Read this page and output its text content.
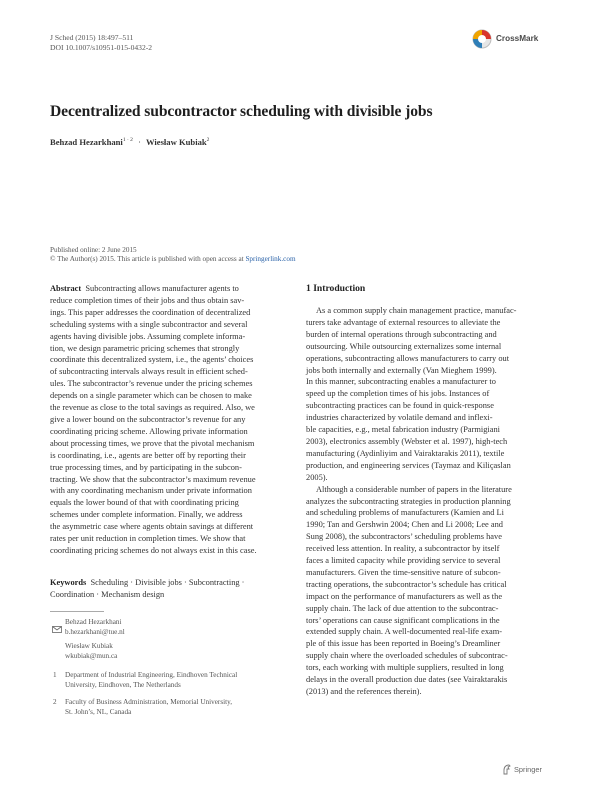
J Sched (2015) 18:497–511
DOI 10.1007/s10951-015-0432-2
CrossMark
Decentralized subcontractor scheduling with divisible jobs
Behzad Hezarkhani$^{1 \cdot 2}$ · Wiesław Kubiak$^2$
Published online: 2 June 2015
© The Author(s) 2015. This article is published with open access at Springerlink.com

Abstract Subcontracting allows manufacturer agents to

reduce completion times of their jobs and thus obtain sav-

ings. This paper addresses the coordination of decentralized

scheduling systems with a single subcontractor and several

agents having divisible jobs. Assuming complete informa-

tion, we design parametric pricing schemes that strongly

coordinate this decentralized system, i.e., the agents’ choices

of subcontracting intervals always result in efficient sched-

ules. The subcontractor’s revenue under the pricing schemes

depends on a single parameter which can be chosen to make

the revenue as close to the total savings as required. Also, we

give a lower bound on the subcontractor’s revenue for any

coordinating pricing scheme. Allowing private information

about processing times, we prove that the pivotal mechanism

is coordinating, i.e., agents are better off by reporting their

true processing times, and by participating in the subcon-

tracting. We show that the subcontractor’s maximum revenue

with any coordinating mechanism under private information

equals the lower bound of that with coordinating pricing

schemes under complete information. Finally, we address

the asymmetric case where agents obtain savings at different

rates per unit reduction in completion times. We show that

coordinating pricing schemes do not always exist in this case.

Keywords Scheduling · Divisible jobs · Subcontracting ·

Coordination · Mechanism design

Behzad Hezarkhani
b.hezarkhani@tue.nl
Wiesław Kubiak
wkubiak@mun.ca
1 Department of Industrial Engineering, Eindhoven Technical
University, Eindhoven, The Netherlands
2 Faculty of Business Administration, Memorial University,
St. John’s, NL, Canada
1 Introduction

As a common supply chain management practice, manufac-

turers take advantage of external resources to alleviate the

burden of internal operations through subcontracting and

outsourcing. While outsourcing externalizes some internal

operations, subcontracting allows manufacturers to carry out

jobs both internally and externally (Van Mieghem 1999).

In this manner, subcontracting enables a manufacturer to

speed up the completion times of his jobs. Instances of

subcontracting practices can be found in quick-response

industries characterized by volatile demand and inflexi-

ble capacities, e.g., metal fabrication industry (Parmigiani

2003), electronics assembly (Webster et al. 1997), high-tech

manufacturing (Aydinliyim and Vairaktarakis 2011), textile

production, and engineering services (Taymaz and Kiliçaslan

2005).

Although a considerable number of papers in the literature

analyzes the subcontracting strategies in production planning

and scheduling problems of manufacturers (Kamien and Li

1990; Tan and Gershwin 2004; Chen and Li 2008; Lee and

Sung 2008), the subcontractors’ scheduling problems have

received less attention. In reality, a subcontractor by itself

faces a limited capacity while providing service to several

manufacturers. Given the time-sensitive nature of subcon-

tracting operations, the subcontractor’s schedule has critical

impact on the performance of manufacturers as well as the

supply chain. The lack of due attention to the subcontrac-

tors’ operations can cause significant complications in the

extended supply chain. A well-documented real-life exam-

ple of this issue has been reported in Boeing’s Dreamliner

supply chain where the overloaded schedules of subcontrac-

tors, each working with multiple suppliers, resulted in long

delays in the overall production due dates (see Vairaktarakis

(2013) and the references therein).

Springer
